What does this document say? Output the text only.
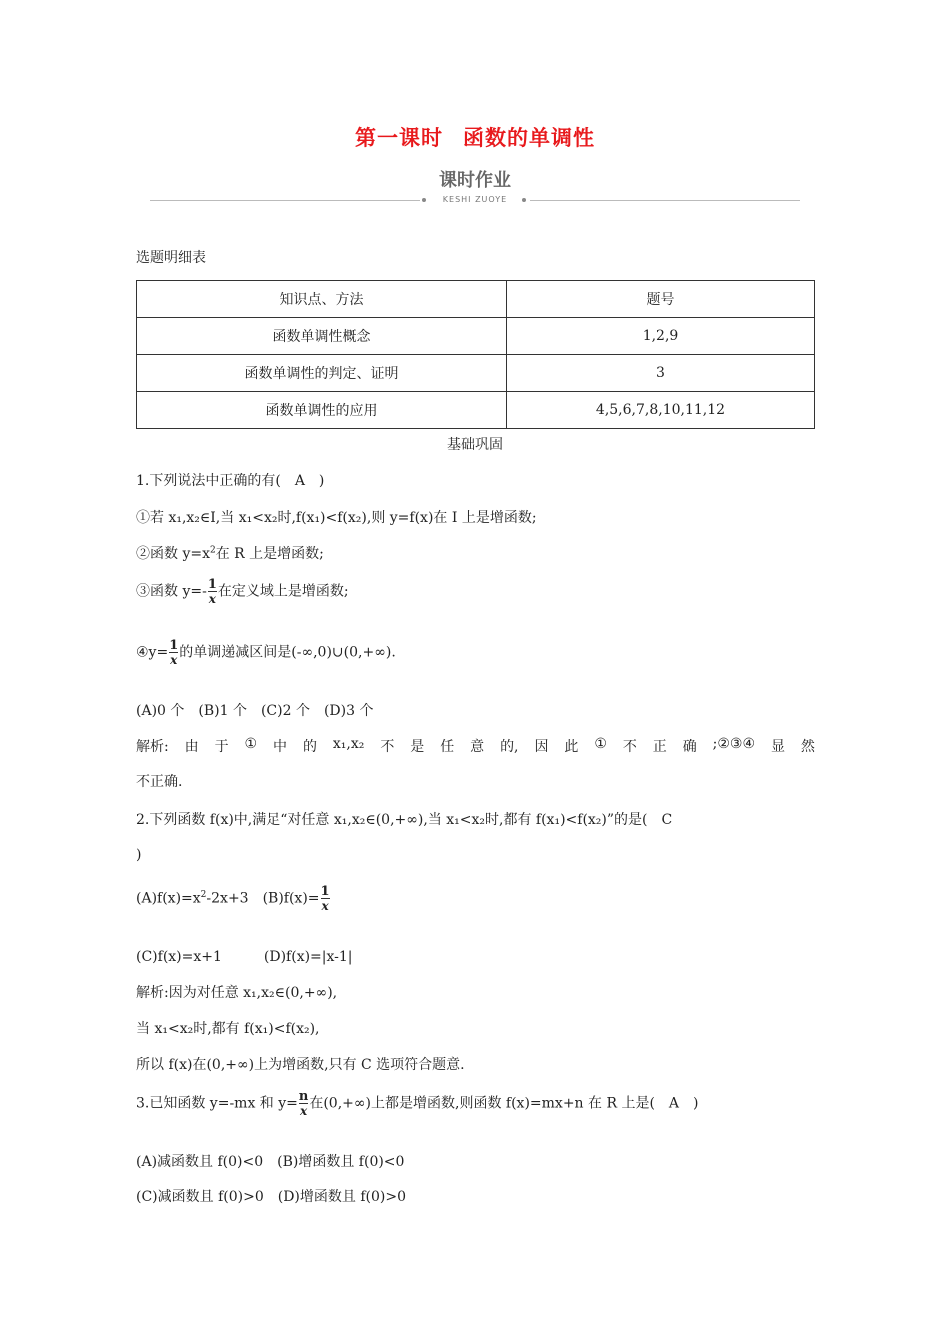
第一课时 函数的单调性
课时作业
KESHI ZUOYE
选题明细表
知识点、方法	题号
函数单调性概念	1,2,9
函数单调性的判定、证明	3
函数单调性的应用	4,5,6,7,8,10,11,12
基础巩固
1.下列说法中正确的有(　A　)
①若 x₁,x₂∈I,当 x₁<x₂时,f(x₁)<f(x₂),则 y=f(x)在 I 上是增函数;
②函数 $y=x^2$在 R 上是增函数;
③函数 $y=- \frac{1}{x}$ 在定义域上是增函数;
④y= $\frac{1}{x}$ 的单调递减区间是(-∞,0)∪(0,+∞).
(A)0 个　(B)1 个　(C)2 个　(D)3 个
解析: 由 于 ① 中 的 x₁,x₂ 不 是 任 意 的, 因 此 ① 不 正 确 ;②③④ 显 然
不正确.
2.下列函数 f(x)中,满足“对任意 x₁,x₂∈(0,+∞),当 x₁<x₂时,都有 f(x₁)<f(x₂)”的是(　C
)
$(A)f(x)=x^2-2x+3$　$(B)f(x)= \frac{1}{x}$
(C)f(x)=x+1　　　(D)f(x)=|x-1|
解析:因为对任意 x₁,x₂∈(0,+∞),
当 x₁<x₂时,都有 f(x₁)<f(x₂),
所以 f(x)在(0,+∞)上为增函数,只有 C 选项符合题意.
3.已知函数 y=-mx 和 $y= \frac{n}{x}$ 在(0,+∞)上都是增函数,则函数 f(x)=mx+n 在 R 上是(　A　)
(A)减函数且 f(0)<0　(B)增函数且 f(0)<0
(C)减函数且 f(0)>0　(D)增函数且 f(0)>0
